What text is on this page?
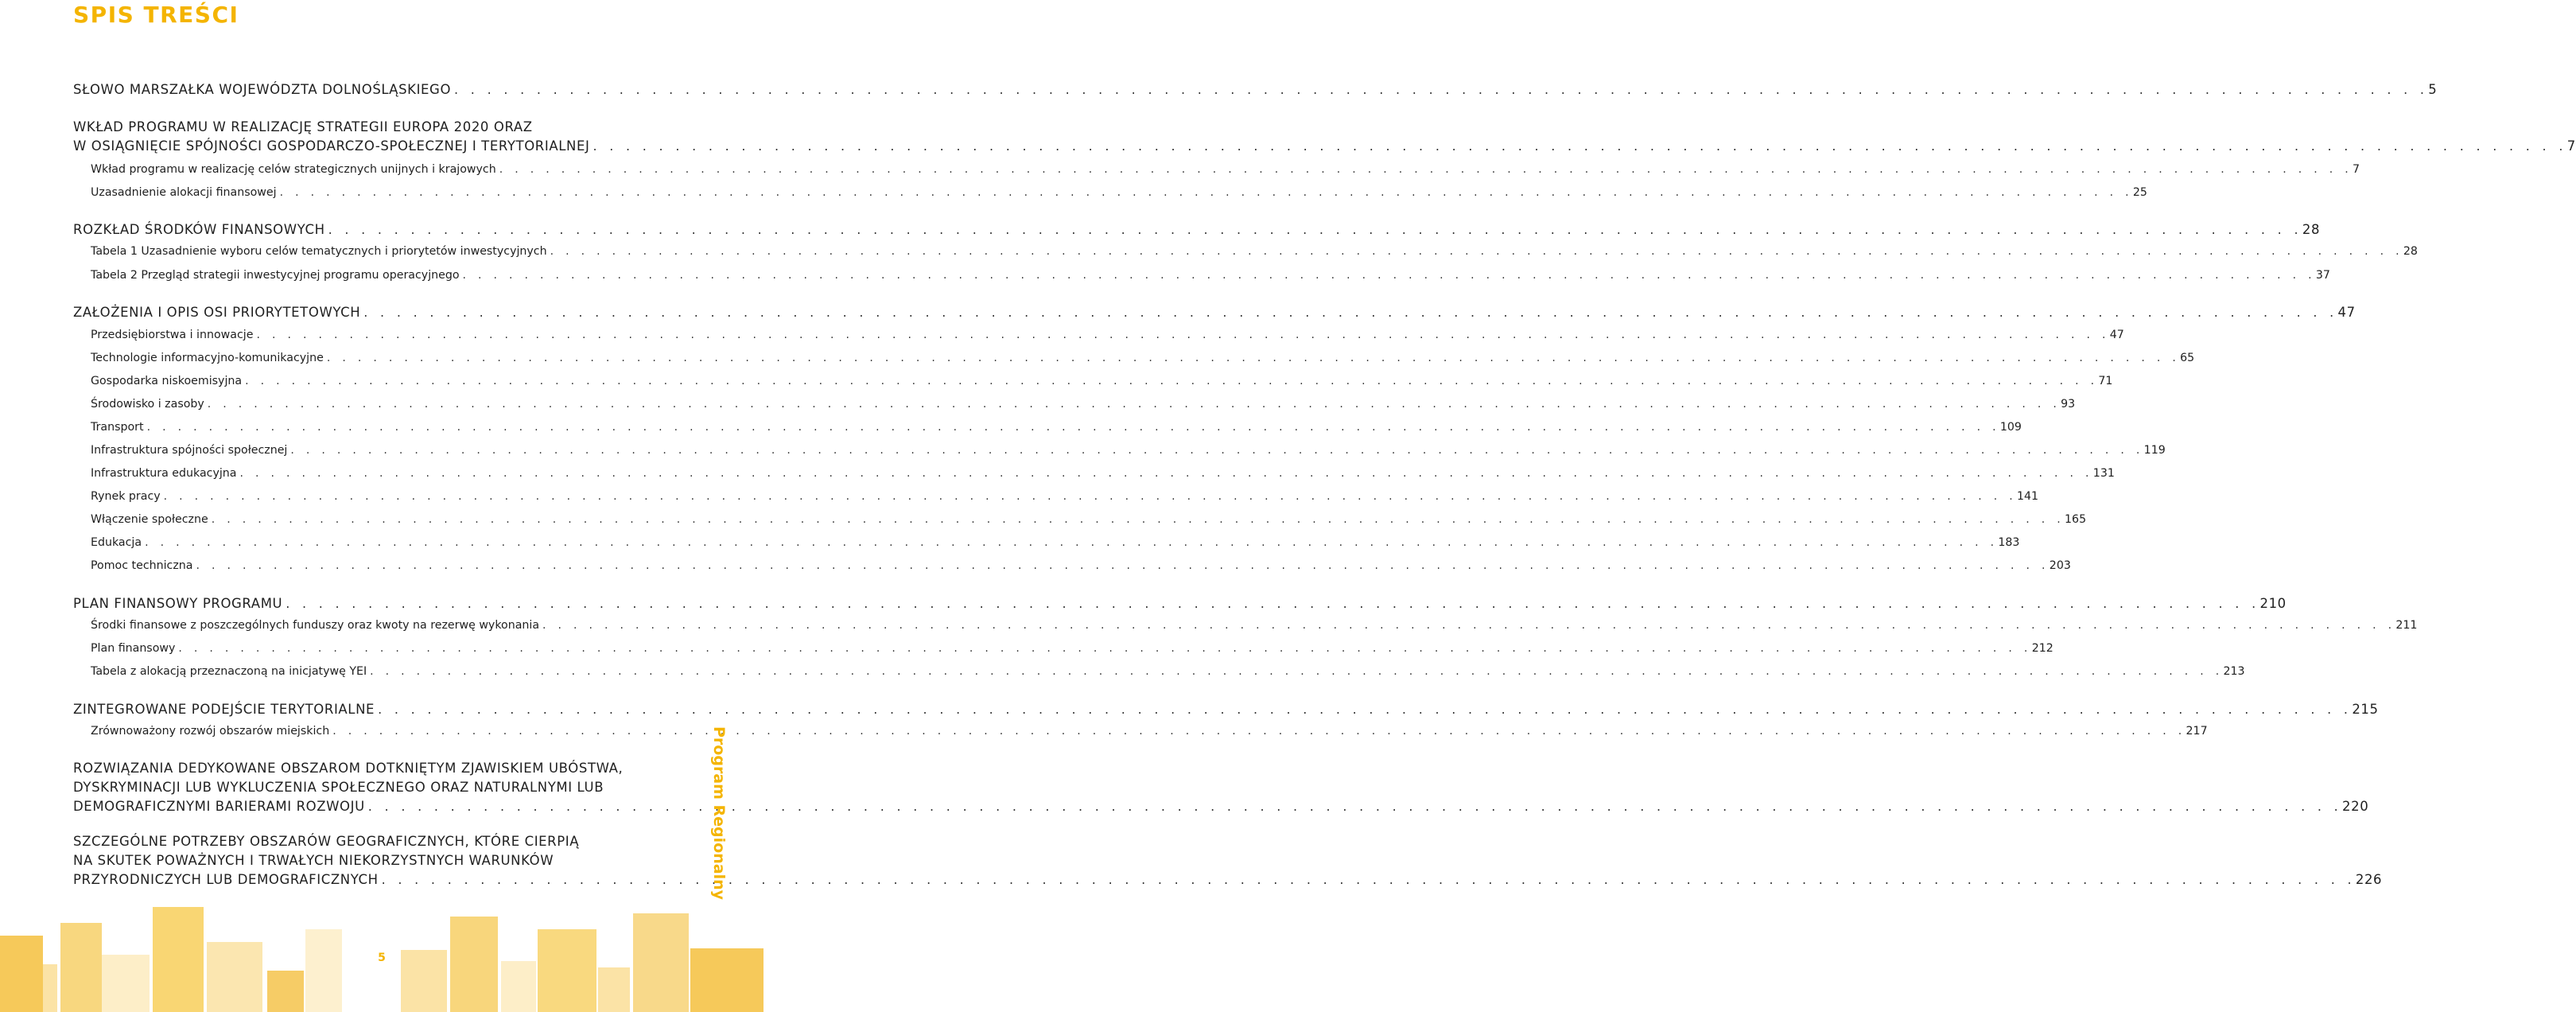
SPIS TREŚCI
SŁOWO MARSZAŁKA WOJEWÓDZTA DOLNOŚLĄSKIEGO . . . . . . . . . . . . . . . . . . . . . . . . . . . . . . . . . . . . . . . . . . . . . . . . . . . . . . . . . . . . . . . . . . . . . . . . . . . . . . . . . . . . . . . . . . . . . . . . . . . . . . . . . . . . . . . . . . . . . . . . 5
WKŁAD PROGRAMU W REALIZACJĘ STRATEGII EUROPA 2020 ORAZ
W OSIĄGNIĘCIE SPÓJNOŚCI GOSPODARCZO-SPOŁECZNEJ I TERYTORIALNEJ . . . . . . . . . . . . . . . . . . . . . . . . . . . . . . . . . . . . . . . . . . . . . . . . . . . . . . . . . . . . . . . . . . . . . . . . . . . . . . . . . . . . . . . . . . . . . . . . . . . . . . . . . . . . . . . . . . . . . . . . 7
Wkład programu w realizację celów strategicznych unijnych i krajowych . . . . . . . . . . . . . . . . . . . . . . . . . . . . . . . . . . . . . . . . . . . . . . . . . . . . . . . . . . . . . . . . . . . . . . . . . . . . . . . . . . . . . . . . . . . . . . . . . . . . . . . . . . . . . . . . . . . . . . . . 7
Uzasadnienie alokacji finansowej . . . . . . . . . . . . . . . . . . . . . . . . . . . . . . . . . . . . . . . . . . . . . . . . . . . . . . . . . . . . . . . . . . . . . . . . . . . . . . . . . . . . . . . . . . . . . . . . . . . . . . . . . . . . . . . . . . . . . . . . 25
ROZKŁAD ŚRODKÓW FINANSOWYCH . . . . . . . . . . . . . . . . . . . . . . . . . . . . . . . . . . . . . . . . . . . . . . . . . . . . . . . . . . . . . . . . . . . . . . . . . . . . . . . . . . . . . . . . . . . . . . . . . . . . . . . . . . . . . . . . . . . . . . . . 28
Tabela 1 Uzasadnienie wyboru celów tematycznych i priorytetów inwestycyjnych . . . . . . . . . . . . . . . . . . . . . . . . . . . . . . . . . . . . . . . . . . . . . . . . . . . . . . . . . . . . . . . . . . . . . . . . . . . . . . . . . . . . . . . . . . . . . . . . . . . . . . . . . . . . . . . . . . . . . . . . 28
Tabela 2 Przegląd strategii inwestycyjnej programu operacyjnego . . . . . . . . . . . . . . . . . . . . . . . . . . . . . . . . . . . . . . . . . . . . . . . . . . . . . . . . . . . . . . . . . . . . . . . . . . . . . . . . . . . . . . . . . . . . . . . . . . . . . . . . . . . . . . . . . . . . . . . . 37
ZAŁOŻENIA I OPIS OSI PRIORYTETOWYCH . . . . . . . . . . . . . . . . . . . . . . . . . . . . . . . . . . . . . . . . . . . . . . . . . . . . . . . . . . . . . . . . . . . . . . . . . . . . . . . . . . . . . . . . . . . . . . . . . . . . . . . . . . . . . . . . . . . . . . . . 47
Przedsiębiorstwa i innowacje . . . . . . . . . . . . . . . . . . . . . . . . . . . . . . . . . . . . . . . . . . . . . . . . . . . . . . . . . . . . . . . . . . . . . . . . . . . . . . . . . . . . . . . . . . . . . . . . . . . . . . . . . . . . . . . . . . . . . . . . 47
Technologie informacyjno-komunikacyjne . . . . . . . . . . . . . . . . . . . . . . . . . . . . . . . . . . . . . . . . . . . . . . . . . . . . . . . . . . . . . . . . . . . . . . . . . . . . . . . . . . . . . . . . . . . . . . . . . . . . . . . . . . . . . . . . . . . . . . . . 65
Gospodarka niskoemisyjna . . . . . . . . . . . . . . . . . . . . . . . . . . . . . . . . . . . . . . . . . . . . . . . . . . . . . . . . . . . . . . . . . . . . . . . . . . . . . . . . . . . . . . . . . . . . . . . . . . . . . . . . . . . . . . . . . . . . . . . . 71
Środowisko i zasoby . . . . . . . . . . . . . . . . . . . . . . . . . . . . . . . . . . . . . . . . . . . . . . . . . . . . . . . . . . . . . . . . . . . . . . . . . . . . . . . . . . . . . . . . . . . . . . . . . . . . . . . . . . . . . . . . . . . . . . . . 93
Transport . . . . . . . . . . . . . . . . . . . . . . . . . . . . . . . . . . . . . . . . . . . . . . . . . . . . . . . . . . . . . . . . . . . . . . . . . . . . . . . . . . . . . . . . . . . . . . . . . . . . . . . . . . . . . . . . . . . . . . . . 109
Infrastruktura spójności społecznej . . . . . . . . . . . . . . . . . . . . . . . . . . . . . . . . . . . . . . . . . . . . . . . . . . . . . . . . . . . . . . . . . . . . . . . . . . . . . . . . . . . . . . . . . . . . . . . . . . . . . . . . . . . . . . . . . . . . . . . . 119
Infrastruktura edukacyjna . . . . . . . . . . . . . . . . . . . . . . . . . . . . . . . . . . . . . . . . . . . . . . . . . . . . . . . . . . . . . . . . . . . . . . . . . . . . . . . . . . . . . . . . . . . . . . . . . . . . . . . . . . . . . . . . . . . . . . . . 131
Rynek pracy . . . . . . . . . . . . . . . . . . . . . . . . . . . . . . . . . . . . . . . . . . . . . . . . . . . . . . . . . . . . . . . . . . . . . . . . . . . . . . . . . . . . . . . . . . . . . . . . . . . . . . . . . . . . . . . . . . . . . . . . 141
Włączenie społeczne . . . . . . . . . . . . . . . . . . . . . . . . . . . . . . . . . . . . . . . . . . . . . . . . . . . . . . . . . . . . . . . . . . . . . . . . . . . . . . . . . . . . . . . . . . . . . . . . . . . . . . . . . . . . . . . . . . . . . . . . 165
Edukacja . . . . . . . . . . . . . . . . . . . . . . . . . . . . . . . . . . . . . . . . . . . . . . . . . . . . . . . . . . . . . . . . . . . . . . . . . . . . . . . . . . . . . . . . . . . . . . . . . . . . . . . . . . . . . . . . . . . . . . . . 183
Pomoc techniczna . . . . . . . . . . . . . . . . . . . . . . . . . . . . . . . . . . . . . . . . . . . . . . . . . . . . . . . . . . . . . . . . . . . . . . . . . . . . . . . . . . . . . . . . . . . . . . . . . . . . . . . . . . . . . . . . . . . . . . . . 203
PLAN FINANSOWY PROGRAMU . . . . . . . . . . . . . . . . . . . . . . . . . . . . . . . . . . . . . . . . . . . . . . . . . . . . . . . . . . . . . . . . . . . . . . . . . . . . . . . . . . . . . . . . . . . . . . . . . . . . . . . . . . . . . . . . . . . . . . . . 210
Środki finansowe z poszczególnych funduszy oraz kwoty na rezerwę wykonania . . . . . . . . . . . . . . . . . . . . . . . . . . . . . . . . . . . . . . . . . . . . . . . . . . . . . . . . . . . . . . . . . . . . . . . . . . . . . . . . . . . . . . . . . . . . . . . . . . . . . . . . . . . . . . . . . . . . . . . . 211
Plan finansowy . . . . . . . . . . . . . . . . . . . . . . . . . . . . . . . . . . . . . . . . . . . . . . . . . . . . . . . . . . . . . . . . . . . . . . . . . . . . . . . . . . . . . . . . . . . . . . . . . . . . . . . . . . . . . . . . . . . . . . . . 212
Tabela z alokacją przeznaczoną na inicjatywę YEI . . . . . . . . . . . . . . . . . . . . . . . . . . . . . . . . . . . . . . . . . . . . . . . . . . . . . . . . . . . . . . . . . . . . . . . . . . . . . . . . . . . . . . . . . . . . . . . . . . . . . . . . . . . . . . . . . . . . . . . . 213
ZINTEGROWANE PODEJŚCIE TERYTORIALNE . . . . . . . . . . . . . . . . . . . . . . . . . . . . . . . . . . . . . . . . . . . . . . . . . . . . . . . . . . . . . . . . . . . . . . . . . . . . . . . . . . . . . . . . . . . . . . . . . . . . . . . . . . . . . . . . . . . . . . . . 215
Zrównoważony rozwój obszarów miejskich . . . . . . . . . . . . . . . . . . . . . . . . . . . . . . . . . . . . . . . . . . . . . . . . . . . . . . . . . . . . . . . . . . . . . . . . . . . . . . . . . . . . . . . . . . . . . . . . . . . . . . . . . . . . . . . . . . . . . . . . 217
ROZWIĄZANIA DEDYKOWANE OBSZAROM DOTKNIĘTYM ZJAWISKIEM UBÓSTWA,
DYSKRYMINACJI LUB WYKLUCZENIA SPOŁECZNEGO ORAZ NATURALNYMI LUB
DEMOGRAFICZNYMI BARIERAMI ROZWOJU . . . . . . . . . . . . . . . . . . . . . . . . . . . . . . . . . . . . . . . . . . . . . . . . . . . . . . . . . . . . . . . . . . . . . . . . . . . . . . . . . . . . . . . . . . . . . . . . . . . . . . . . . . . . . . . . . . . . . . . . 220
SZCZEGÓLNE POTRZEBY OBSZARÓW GEOGRAFICZNYCH, KTÓRE CIERPIĄ
NA SKUTEK POWAŻNYCH I TRWAŁYCH NIEKORZYSTNYCH WARUNKÓW
PRZYRODNICZYCH LUB DEMOGRAFICZNYCH . . . . . . . . . . . . . . . . . . . . . . . . . . . . . . . . . . . . . . . . . . . . . . . . . . . . . . . . . . . . . . . . . . . . . . . . . . . . . . . . . . . . . . . . . . . . . . . . . . . . . . . . . . . . . . . . . . . . . . . . 226
Program Regionalny
5
